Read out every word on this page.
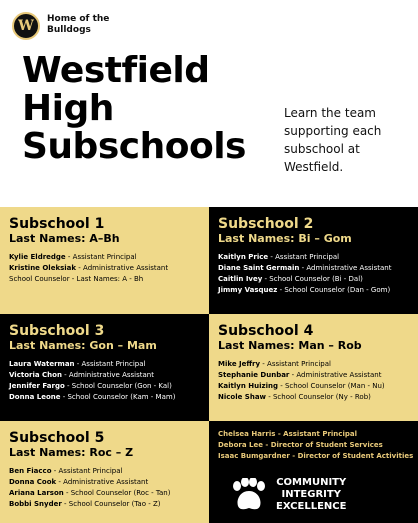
W Home of the Bulldogs
Westfield
High
Subschools
Learn the team supporting each subschool at Westfield.
Subschool 1
Last Names: A–Bh
Kylie Eldredge - Assistant Principal
Kristine Oleksiak - Administrative Assistant
School Counselor - Last Names: A - Bh
Subschool 2
Last Names: Bi – Gom
Kaitlyn Price - Assistant Principal
Diane Saint Germain - Administrative Assistant
Caitlin Ivey - School Counselor (Bi - Dal)
Jimmy Vasquez - School Counselor (Dan - Gom)
Subschool 3
Last Names: Gon – Mam
Laura Waterman - Assistant Principal
Victoria Chon - Administrative Assistant
Jennifer Fargo - School Counselor (Gon - Kal)
Donna Leone - School Counselor (Kam - Mam)
Subschool 4
Last Names: Man – Rob
Mike Jeffry - Assistant Principal
Stephanie Dunbar - Administrative Assistant
Kaitlyn Huizing - School Counselor (Man - Nu)
Nicole Shaw - School Counselor (Ny - Rob)
Subschool 5
Last Names: Roc – Z
Ben Fiacco - Assistant Principal
Donna Cook - Administrative Assistant
Ariana Larson - School Counselor (Roc - Tan)
Bobbi Snyder - School Counselor (Tao - Z)
Chelsea Harris - Assistant Principal
Debora Lee - Director of Student Services
Isaac Bumgardner - Director of Student Activities
COMMUNITY
INTEGRITY
EXCELLENCE
